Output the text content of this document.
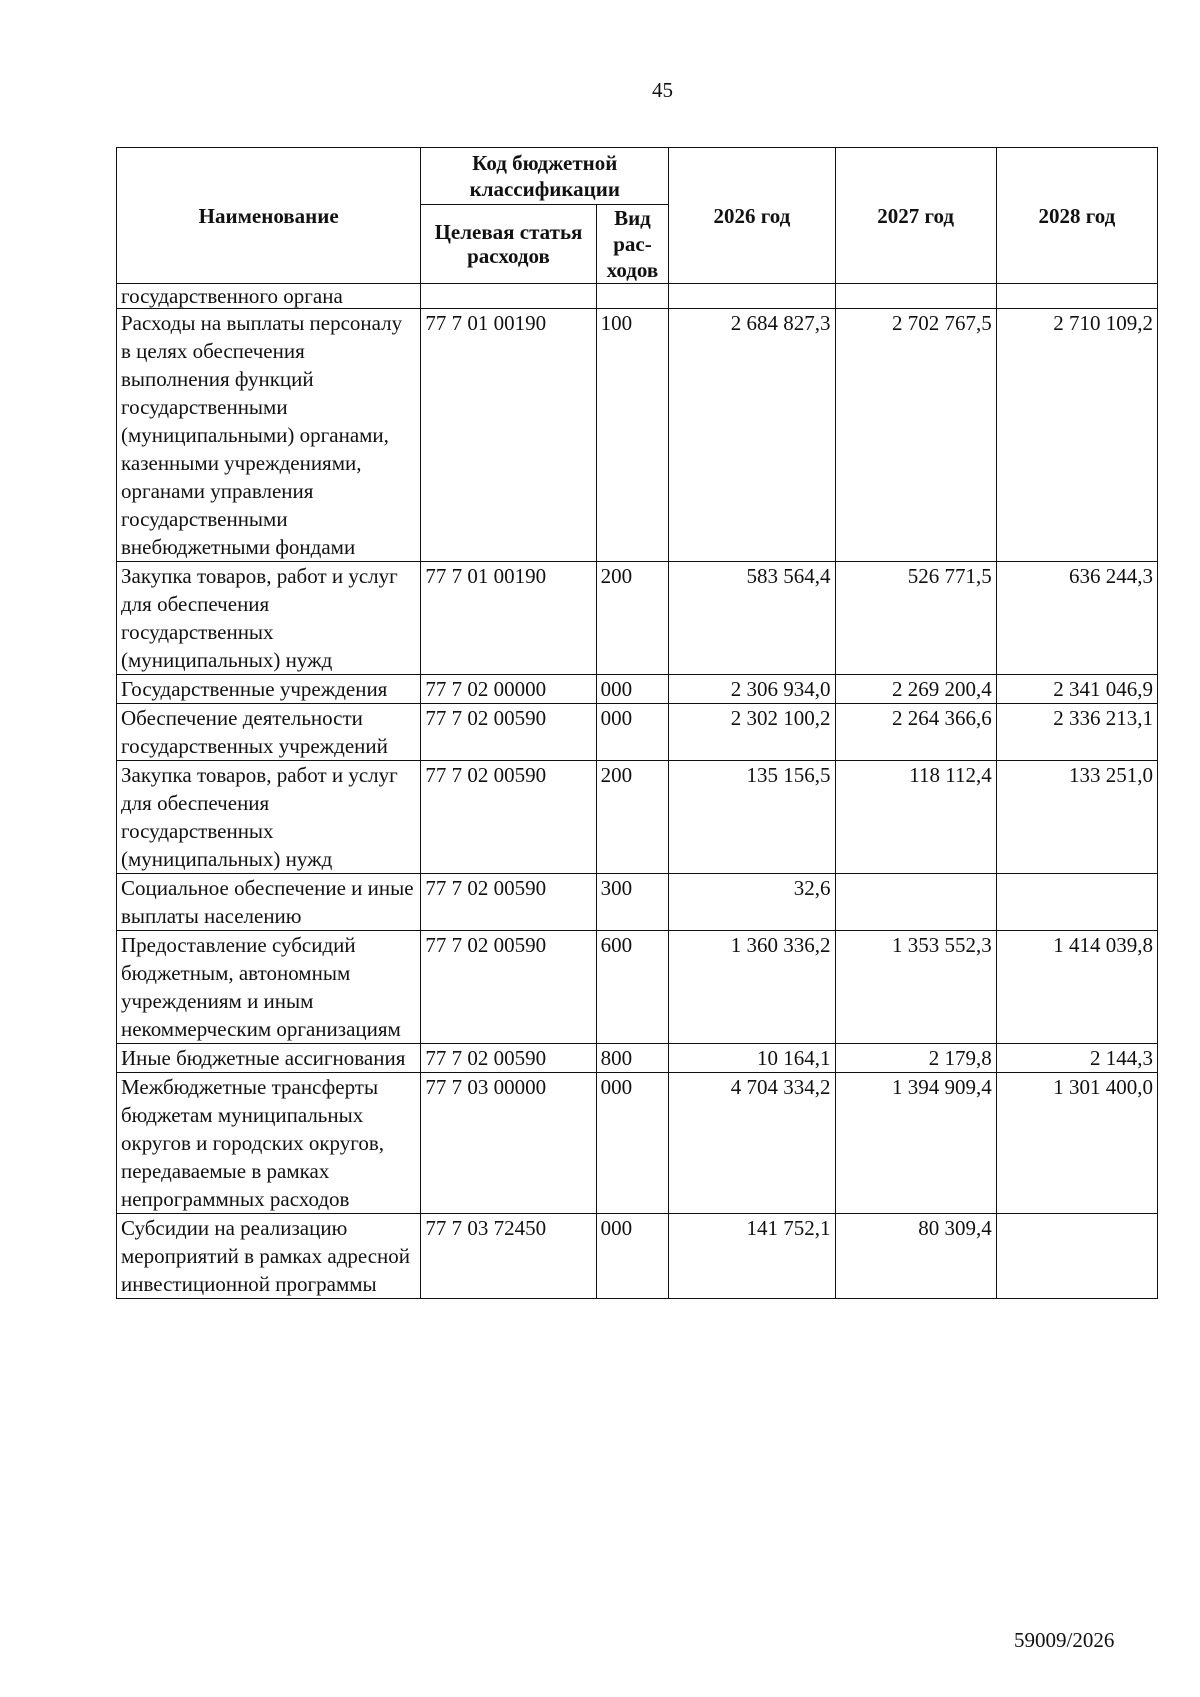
45
Наименование	Код бюджетной классификации		2026 год	2027 год	2028 год
	Целевая статья расходов	Вид рас-ходов			
государственного органа					
Расходы на выплаты персоналу в целях обеспечения выполнения функций государственными (муниципальными) органами, казенными учреждениями, органами управления государственными внебюджетными фондами	77 7 01 00190	100	2 684 827,3	2 702 767,5	2 710 109,2
Закупка товаров, работ и услуг для обеспечения государственных (муниципальных) нужд	77 7 01 00190	200	583 564,4	526 771,5	636 244,3
Государственные учреждения	77 7 02 00000	000	2 306 934,0	2 269 200,4	2 341 046,9
Обеспечение деятельности государственных учреждений	77 7 02 00590	000	2 302 100,2	2 264 366,6	2 336 213,1
Закупка товаров, работ и услуг для обеспечения государственных (муниципальных) нужд	77 7 02 00590	200	135 156,5	118 112,4	133 251,0
Социальное обеспечение и иные выплаты населению	77 7 02 00590	300	32,6		
Предоставление субсидий бюджетным, автономным учреждениям и иным некоммерческим организациям	77 7 02 00590	600	1 360 336,2	1 353 552,3	1 414 039,8
Иные бюджетные ассигнования	77 7 02 00590	800	10 164,1	2 179,8	2 144,3
Межбюджетные трансферты бюджетам муниципальных округов и городских округов, передаваемые в рамках непрограммных расходов	77 7 03 00000	000	4 704 334,2	1 394 909,4	1 301 400,0
Субсидии на реализацию мероприятий в рамках адресной инвестиционной программы	77 7 03 72450	000	141 752,1	80 309,4	
59009/2026
